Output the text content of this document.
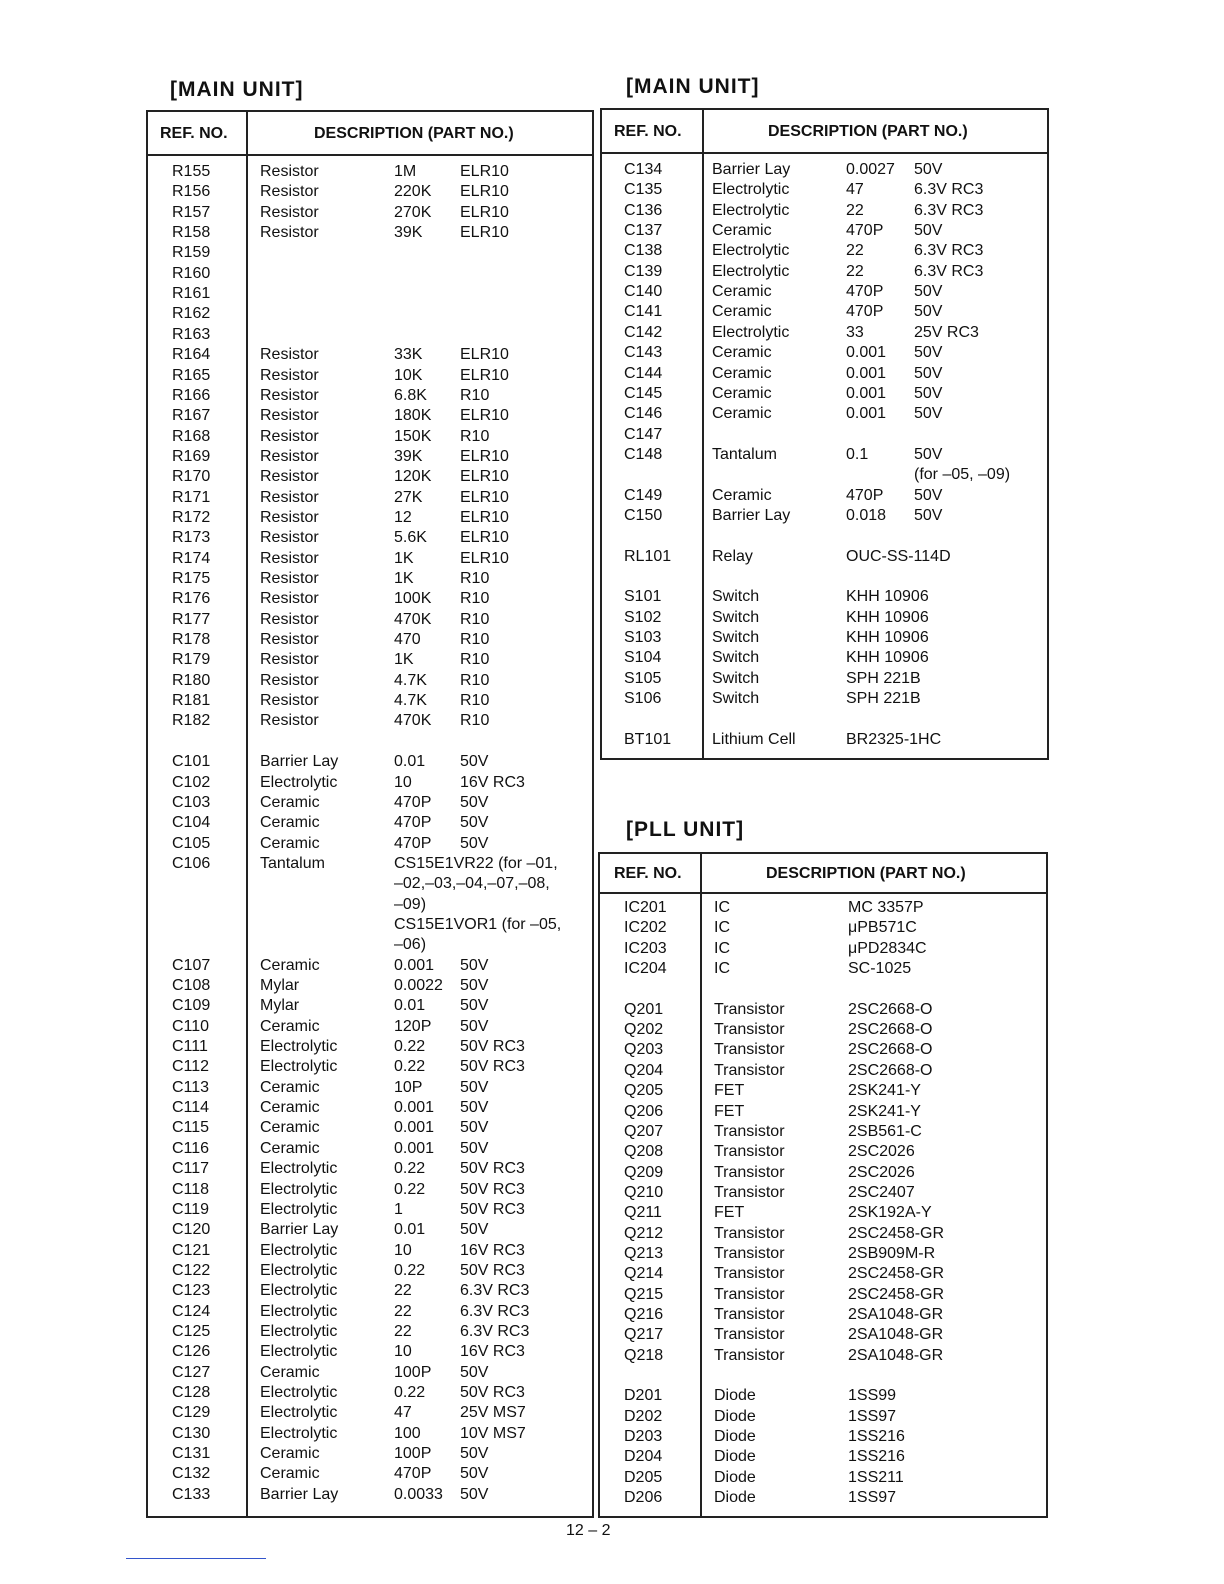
[MAIN UNIT]
REF. NO.	DESCRIPTION (PART NO.)
R155	Resistor	1M	ELR10
R156	Resistor	220K ELR10
R157	Resistor	270K ELR10
R158	Resistor	39K ELR10
R159
R160
R161
R162
R163
R164	Resistor	33K ELR10
R165	Resistor	10K ELR10
R166	Resistor	6.8K R10
R167	Resistor	180K ELR10
R168	Resistor	150K R10
R169	Resistor	39K ELR10
R170	Resistor	120K ELR10
R171	Resistor	27K ELR10
R172	Resistor	12	ELR10
R173	Resistor	5.6K ELR10
R174	Resistor	1K	ELR10
R175	Resistor	1K	R10
R176	Resistor	100K R10
R177	Resistor	470K R10
R178	Resistor	470 R10
R179	Resistor	1K	R10
R180	Resistor	4.7K R10
R181	Resistor	4.7K R10
R182	Resistor	470K R10
C101	Barrier Lay	0.01 50V
C102	Electrolytic	10	16V RC3
C103	Ceramic	470P 50V
C104	Ceramic	470P 50V
C105	Ceramic	470P 50V
C106	Tantalum	CS15E1VR22 (for –01,
–02,–03,–04,–07,–08,
–09)
CS15E1VOR1 (for –05,
–06)
C107	Ceramic	0.001 50V
C108	Mylar	0.0022 50V
C109	Mylar	0.01 50V
C110	Ceramic	120P 50V
C111	Electrolytic	0.22 50V RC3
C112	Electrolytic	0.22 50V RC3
C113	Ceramic	10P 50V
C114	Ceramic	0.001 50V
C115	Ceramic	0.001 50V
C116	Ceramic	0.001 50V
C117	Electrolytic	0.22 50V RC3
C118	Electrolytic	0.22 50V RC3
C119	Electrolytic	1	50V RC3
C120	Barrier Lay	0.01 50V
C121	Electrolytic	10	16V RC3
C122	Electrolytic	0.22 50V RC3
C123	Electrolytic	22	6.3V RC3
C124	Electrolytic	22	6.3V RC3
C125	Electrolytic	22	6.3V RC3
C126	Electrolytic	10	16V RC3
C127	Ceramic	100P 50V
C128	Electrolytic	0.22 50V RC3
C129	Electrolytic	47	25V MS7
C130	Electrolytic	100 10V MS7
C131	Ceramic	100P 50V
C132	Ceramic	470P 50V
C133	Barrier Lay	0.0033 50V
[MAIN UNIT]
REF. NO.	DESCRIPTION (PART NO.)
C134	Barrier Lay	0.0027 50V
C135	Electrolytic	47	6.3V RC3
C136	Electrolytic	22	6.3V RC3
C137	Ceramic	470P 50V
C138	Electrolytic	22	6.3V RC3
C139	Electrolytic	22	6.3V RC3
C140	Ceramic	470P 50V
C141	Ceramic	470P 50V
C142	Electrolytic	33	25V RC3
C143	Ceramic	0.001 50V
C144	Ceramic	0.001 50V
C145	Ceramic	0.001 50V
C146	Ceramic	0.001 50V
C147
C148	Tantalum	0.1	50V
(for –05, –09)
C149	Ceramic	470P 50V
C150	Barrier Lay	0.018 50V
RL101	Relay	OUC-SS-114D
S101	Switch	KHH 10906
S102	Switch	KHH 10906
S103	Switch	KHH 10906
S104	Switch	KHH 10906
S105	Switch	SPH 221B
S106	Switch	SPH 221B
BT101	Lithium Cell	BR2325-1HC
[PLL UNIT]
REF. NO.	DESCRIPTION (PART NO.)
IC201	IC	MC 3357P
IC202	IC	μPB571C
IC203	IC	μPD2834C
IC204	IC	SC-1025
Q201	Transistor	2SC2668-O
Q202	Transistor	2SC2668-O
Q203	Transistor	2SC2668-O
Q204	Transistor	2SC2668-O
Q205	FET	2SK241-Y
Q206	FET	2SK241-Y
Q207	Transistor	2SB561-C
Q208	Transistor	2SC2026
Q209	Transistor	2SC2026
Q210	Transistor	2SC2407
Q211	FET	2SK192A-Y
Q212	Transistor	2SC2458-GR
Q213	Transistor	2SB909M-R
Q214	Transistor	2SC2458-GR
Q215	Transistor	2SC2458-GR
Q216	Transistor	2SA1048-GR
Q217	Transistor	2SA1048-GR
Q218	Transistor	2SA1048-GR
D201	Diode	1SS99
D202	Diode	1SS97
D203	Diode	1SS216
D204	Diode	1SS216
D205	Diode	1SS211
D206	Diode	1SS97
12 – 2
